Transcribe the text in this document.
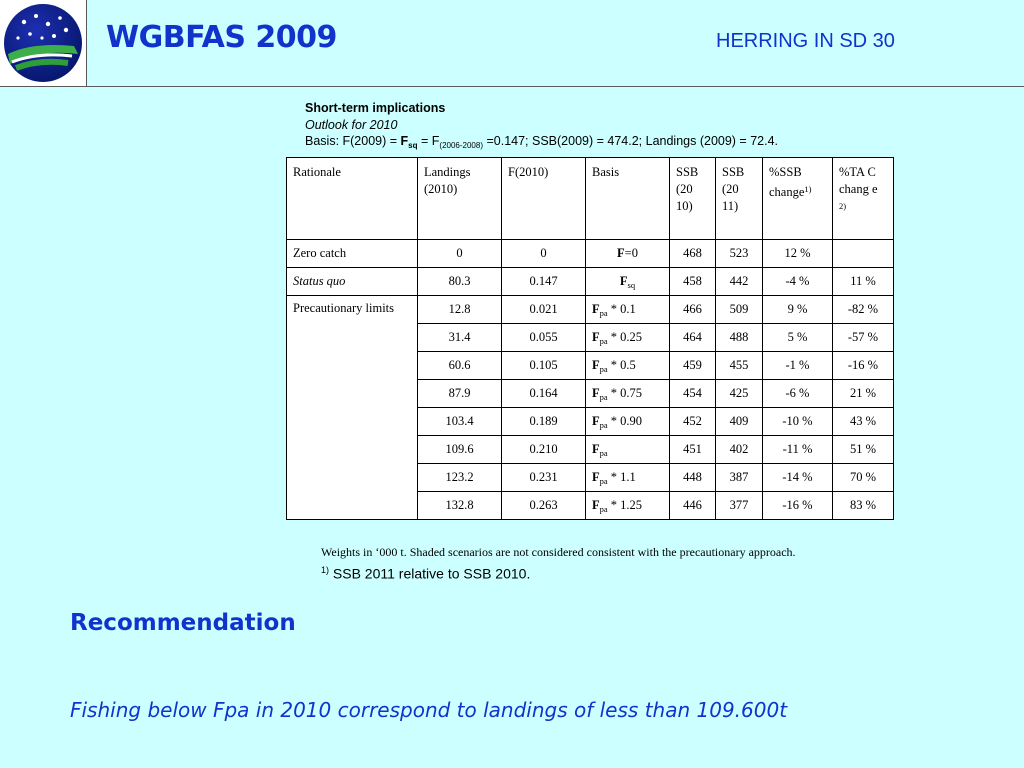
WGBFAS 2009	HERRING IN SD 30
Short-term implications
Outlook for 2010
Basis: $F(2009) = F_{sq} = F_{(2006-2008)} =0.147$; SSB(2009) = 474.2; Landings (2009) = 72.4.
Rationale	Landings (2010)	F(2010)	Basis	SSB (20 10)	SSB (20 11)	%SSB change$^{1)}$	%TA C chang e $^{2)}$
Zero catch	0	0	F=0	468	523	12 %	
Status quo	80.3	0.147	$F_{sq}$	458	442	-4 %	11 %
Precautionary limits	12.8	0.021	$F_{pa} * 0.1$	466	509	9 %	-82 %
	31.4	0.055	$F_{pa} * 0.25$	464	488	5 %	-57 %
	60.6	0.105	$F_{pa} * 0.5$	459	455	-1 %	-16 %
	87.9	0.164	$F_{pa} * 0.75$	454	425	-6 %	21 %
	103.4	0.189	$F_{pa} * 0.90$	452	409	-10 %	43 %
	109.6	0.210	$F_{pa}$	451	402	-11 %	51 %
	123.2	0.231	$F_{pa} * 1.1$	448	387	-14 %	70 %
	132.8	0.263	$F_{pa} * 1.25$	446	377	-16 %	83 %
Weights in ‘000 t. Shaded scenarios are not considered consistent with the precautionary approach.
$^{1)}$ SSB 2011 relative to SSB 2010.
Recommendation
Fishing below Fpa in 2010 correspond to landings of less than 109.600t
